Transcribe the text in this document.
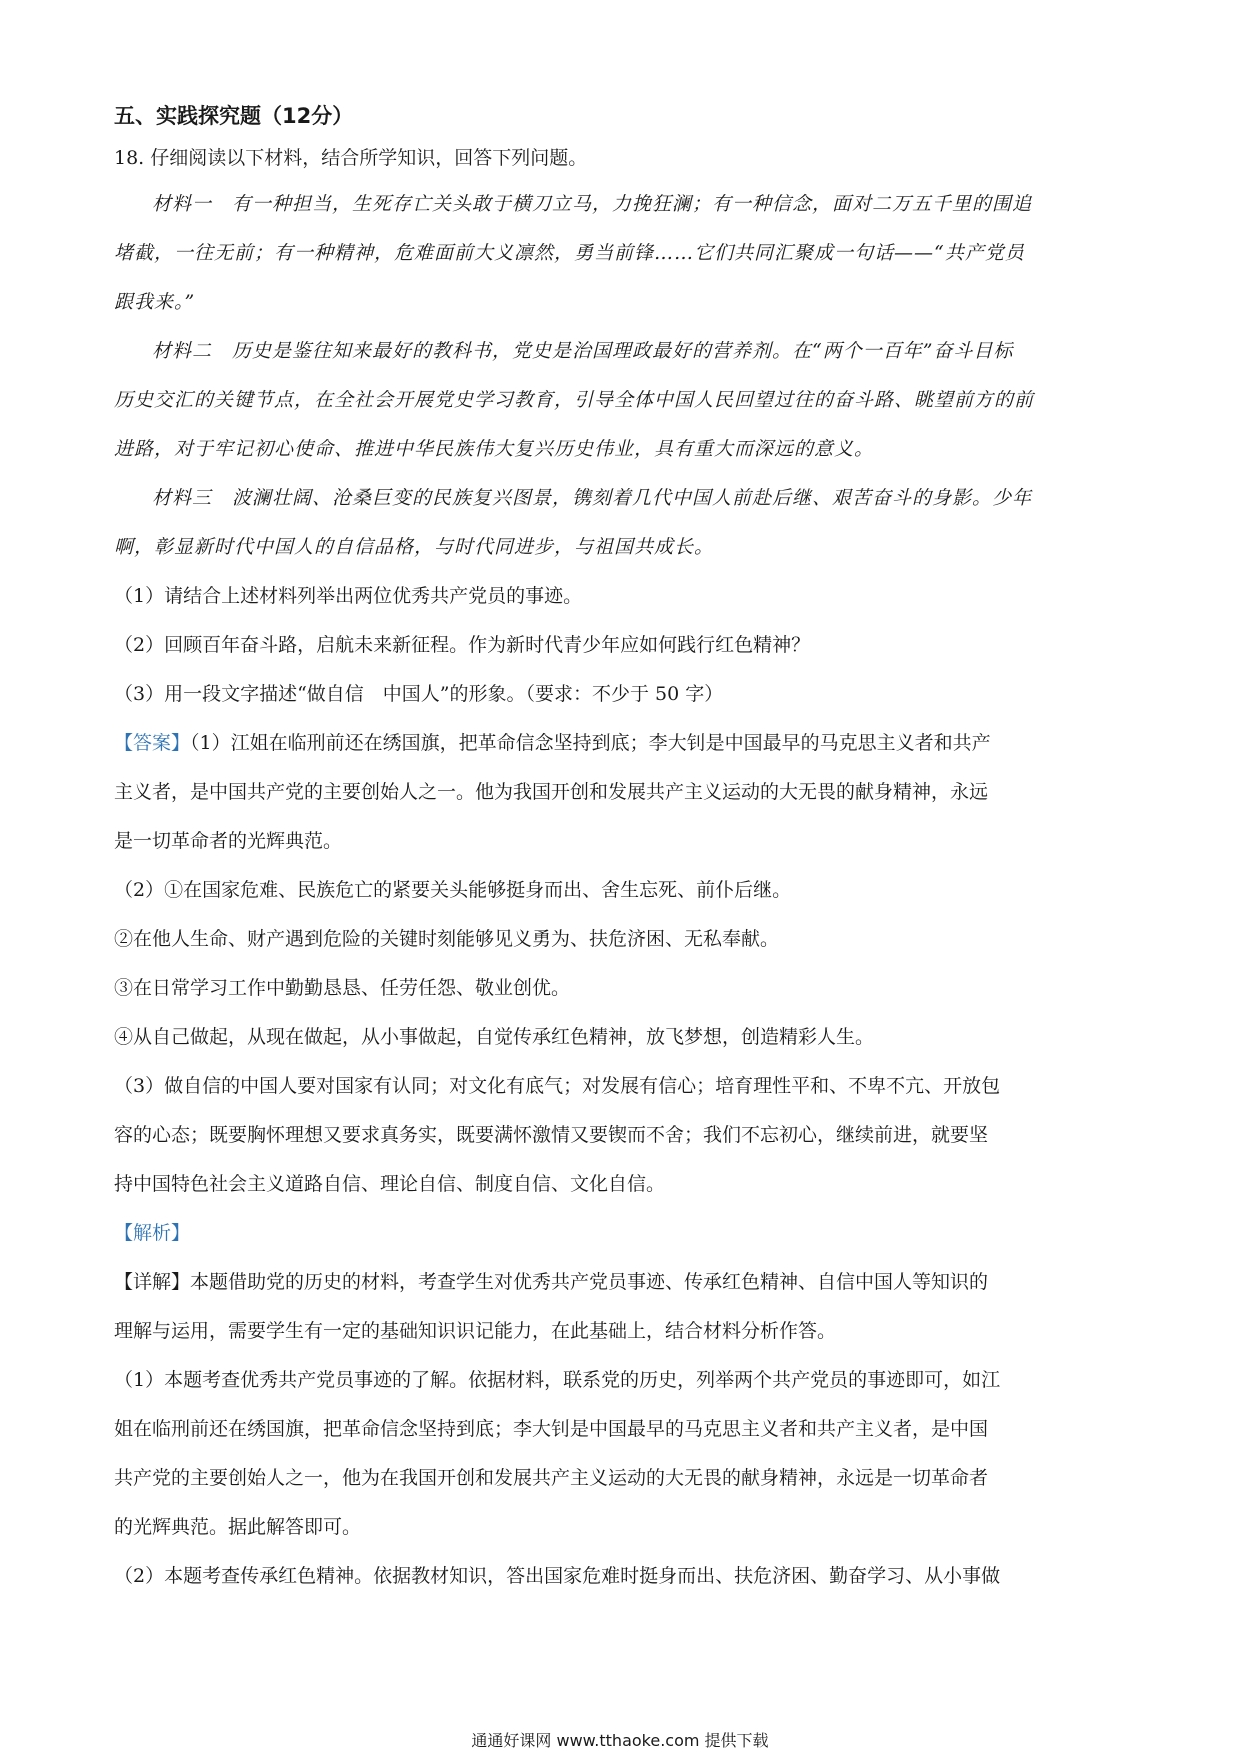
五、实践探究题（12分）

18. 仔细阅读以下材料，结合所学知识，回答下列问题。

材料一　有一种担当，生死存亡关头敢于横刀立马，力挽狂澜；有一种信念，面对二万五千里的围追

堵截，一往无前；有一种精神，危难面前大义凛然，勇当前锋……它们共同汇聚成一句话——“共产党员

跟我来。”

材料二　历史是鉴往知来最好的教科书，党史是治国理政最好的营养剂。在“两个一百年”奋斗目标

历史交汇的关键节点，在全社会开展党史学习教育，引导全体中国人民回望过往的奋斗路、眺望前方的前

进路，对于牢记初心使命、推进中华民族伟大复兴历史伟业，具有重大而深远的意义。

材料三　波澜壮阔、沧桑巨变的民族复兴图景，镌刻着几代中国人前赴后继、艰苦奋斗的身影。少年

啊，彰显新时代中国人的自信品格，与时代同进步，与祖国共成长。

（1）请结合上述材料列举出两位优秀共产党员的事迹。

（2）回顾百年奋斗路，启航未来新征程。作为新时代青少年应如何践行红色精神？

（3）用一段文字描述“做自信　中国人”的形象。（要求：不少于 50 字）

【答案】（1）江姐在临刑前还在绣国旗，把革命信念坚持到底；李大钊是中国最早的马克思主义者和共产

主义者，是中国共产党的主要创始人之一。他为我国开创和发展共产主义运动的大无畏的献身精神，永远

是一切革命者的光辉典范。

（2）①在国家危难、民族危亡的紧要关头能够挺身而出、舍生忘死、前仆后继。

②在他人生命、财产遇到危险的关键时刻能够见义勇为、扶危济困、无私奉献。

③在日常学习工作中勤勤恳恳、任劳任怨、敬业创优。

④从自己做起，从现在做起，从小事做起，自觉传承红色精神，放飞梦想，创造精彩人生。

（3）做自信的中国人要对国家有认同；对文化有底气；对发展有信心；培育理性平和、不卑不亢、开放包

容的心态；既要胸怀理想又要求真务实，既要满怀激情又要锲而不舍；我们不忘初心，继续前进，就要坚

持中国特色社会主义道路自信、理论自信、制度自信、文化自信。

【解析】

【详解】本题借助党的历史的材料，考查学生对优秀共产党员事迹、传承红色精神、自信中国人等知识的

理解与运用，需要学生有一定的基础知识识记能力，在此基础上，结合材料分析作答。

（1）本题考查优秀共产党员事迹的了解。依据材料，联系党的历史，列举两个共产党员的事迹即可，如江

姐在临刑前还在绣国旗，把革命信念坚持到底；李大钊是中国最早的马克思主义者和共产主义者，是中国

共产党的主要创始人之一，他为在我国开创和发展共产主义运动的大无畏的献身精神，永远是一切革命者

的光辉典范。据此解答即可。

（2）本题考查传承红色精神。依据教材知识，答出国家危难时挺身而出、扶危济困、勤奋学习、从小事做

通通好课网 www.tthaoke.com 提供下载
